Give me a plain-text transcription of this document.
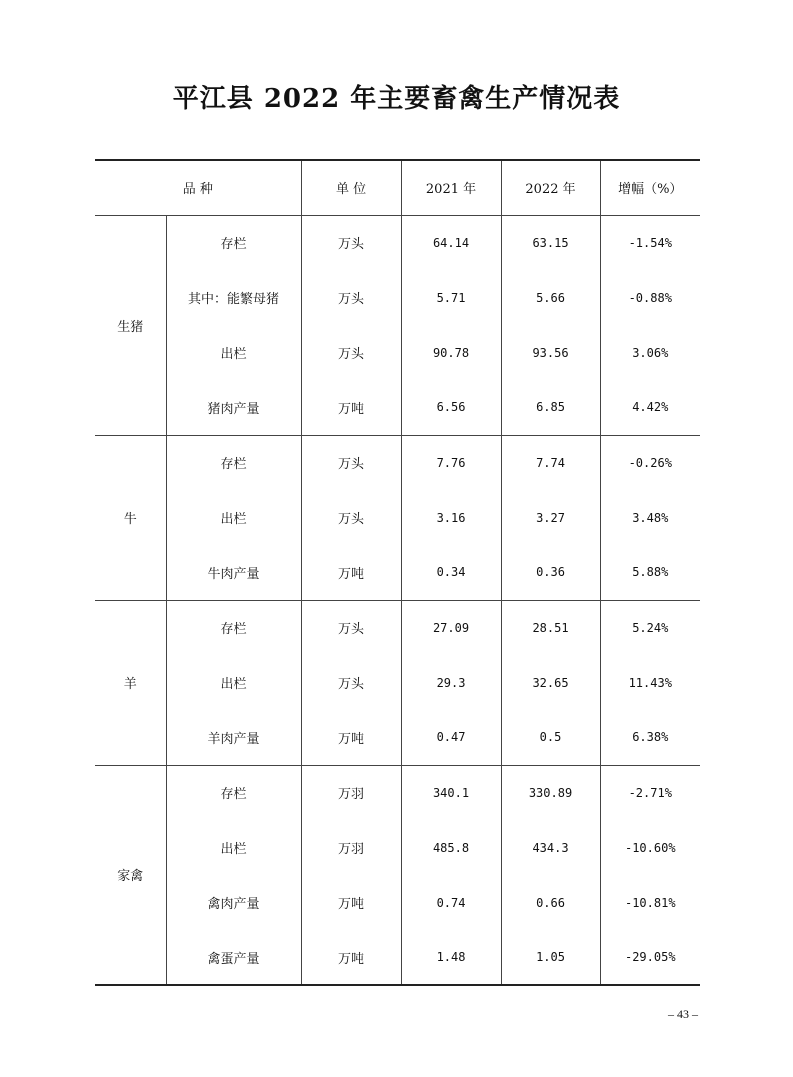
平江县 2022 年主要畜禽生产情况表
品 种		单 位	2021 年	2022 年	增幅（%）
生猪	存栏	万头	64.14	63.15	-1.54%
	其中：能繁母猪	万头	5.71	5.66	-0.88%
	出栏	万头	90.78	93.56	3.06%
	猪肉产量	万吨	6.56	6.85	4.42%
牛	存栏	万头	7.76	7.74	-0.26%
	出栏	万头	3.16	3.27	3.48%
	牛肉产量	万吨	0.34	0.36	5.88%
羊	存栏	万头	27.09	28.51	5.24%
	出栏	万头	29.3	32.65	11.43%
	羊肉产量	万吨	0.47	0.5	6.38%
家禽	存栏	万羽	340.1	330.89	-2.71%
	出栏	万羽	485.8	434.3	-10.60%
	禽肉产量	万吨	0.74	0.66	-10.81%
	禽蛋产量	万吨	1.48	1.05	-29.05%
– 43 –
